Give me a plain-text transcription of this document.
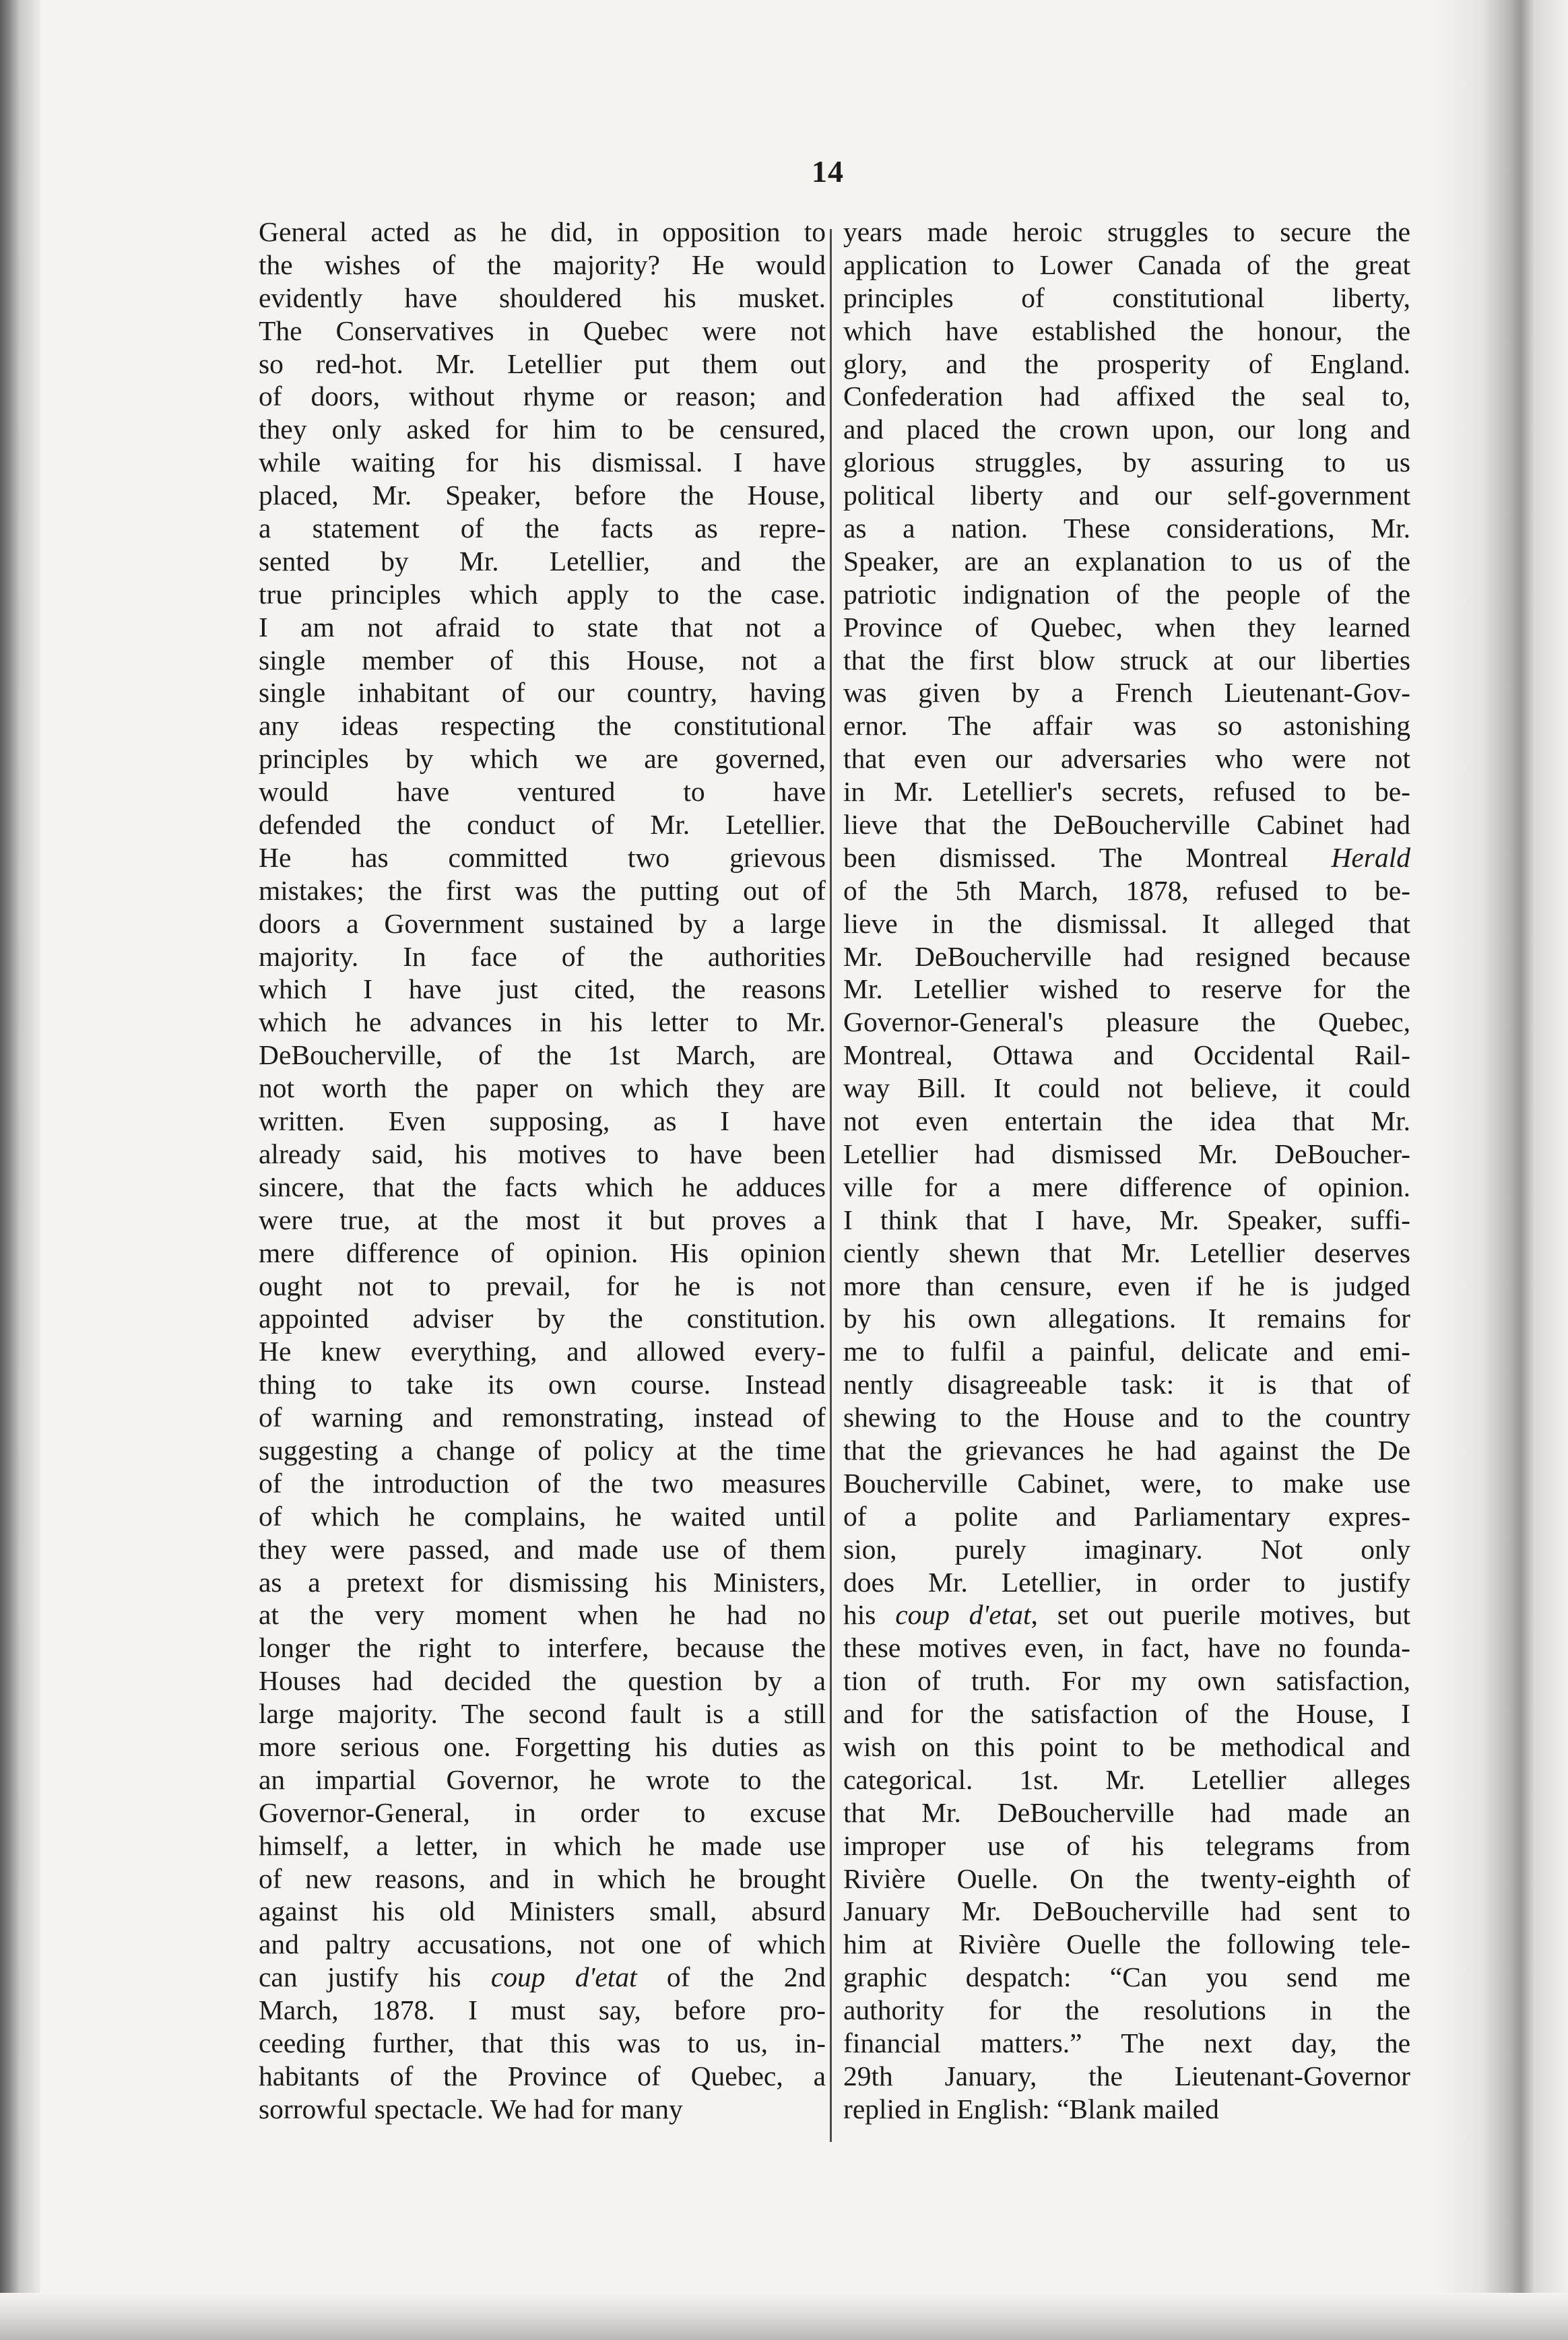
14
General acted as he did, in opposition to
the wishes of the majority? He would
evidently have shouldered his musket.
The Conservatives in Quebec were not
so red-hot. Mr. Letellier put them out
of doors, without rhyme or reason; and
they only asked for him to be censured,
while waiting for his dismissal. I have
placed, Mr. Speaker, before the House,
a statement of the facts as repre-
sented by Mr. Letellier, and the
true principles which apply to the case.
I am not afraid to state that not a
single member of this House, not a
single inhabitant of our country, having
any ideas respecting the constitutional
principles by which we are governed,
would have ventured to have
defended the conduct of Mr. Letellier.
He has committed two grievous
mistakes; the first was the putting out of
doors a Government sustained by a large
majority. In face of the authorities
which I have just cited, the reasons
which he advances in his letter to Mr.
DeBoucherville, of the 1st March, are
not worth the paper on which they are
written. Even supposing, as I have
already said, his motives to have been
sincere, that the facts which he adduces
were true, at the most it but proves a
mere difference of opinion. His opinion
ought not to prevail, for he is not
appointed adviser by the constitution.
He knew everything, and allowed every-
thing to take its own course. Instead
of warning and remonstrating, instead of
suggesting a change of policy at the time
of the introduction of the two measures
of which he complains, he waited until
they were passed, and made use of them
as a pretext for dismissing his Ministers,
at the very moment when he had no
longer the right to interfere, because the
Houses had decided the question by a
large majority. The second fault is a still
more serious one. Forgetting his duties as
an impartial Governor, he wrote to the
Governor-General, in order to excuse
himself, a letter, in which he made use
of new reasons, and in which he brought
against his old Ministers small, absurd
and paltry accusations, not one of which
can justify his coup d'etat of the 2nd
March, 1878. I must say, before pro-
ceeding further, that this was to us, in-
habitants of the Province of Quebec, a
sorrowful spectacle. We had for many
years made heroic struggles to secure the
application to Lower Canada of the great
principles of constitutional liberty,
which have established the honour, the
glory, and the prosperity of England.
Confederation had affixed the seal to,
and placed the crown upon, our long and
glorious struggles, by assuring to us
political liberty and our self-government
as a nation. These considerations, Mr.
Speaker, are an explanation to us of the
patriotic indignation of the people of the
Province of Quebec, when they learned
that the first blow struck at our liberties
was given by a French Lieutenant-Gov-
ernor. The affair was so astonishing
that even our adversaries who were not
in Mr. Letellier's secrets, refused to be-
lieve that the DeBoucherville Cabinet had
been dismissed. The Montreal Herald
of the 5th March, 1878, refused to be-
lieve in the dismissal. It alleged that
Mr. DeBoucherville had resigned because
Mr. Letellier wished to reserve for the
Governor-General's pleasure the Quebec,
Montreal, Ottawa and Occidental Rail-
way Bill. It could not believe, it could
not even entertain the idea that Mr.
Letellier had dismissed Mr. DeBoucher-
ville for a mere difference of opinion.
I think that I have, Mr. Speaker, suffi-
ciently shewn that Mr. Letellier deserves
more than censure, even if he is judged
by his own allegations. It remains for
me to fulfil a painful, delicate and emi-
nently disagreeable task: it is that of
shewing to the House and to the country
that the grievances he had against the De
Boucherville Cabinet, were, to make use
of a polite and Parliamentary expres-
sion, purely imaginary. Not only
does Mr. Letellier, in order to justify
his coup d'etat, set out puerile motives, but
these motives even, in fact, have no founda-
tion of truth. For my own satisfaction,
and for the satisfaction of the House, I
wish on this point to be methodical and
categorical. 1st. Mr. Letellier alleges
that Mr. DeBoucherville had made an
improper use of his telegrams from
Rivière Ouelle. On the twenty-eighth of
January Mr. DeBoucherville had sent to
him at Rivière Ouelle the following tele-
graphic despatch: “Can you send me
authority for the resolutions in the
financial matters.” The next day, the
29th January, the Lieutenant-Governor
replied in English: “Blank mailed
